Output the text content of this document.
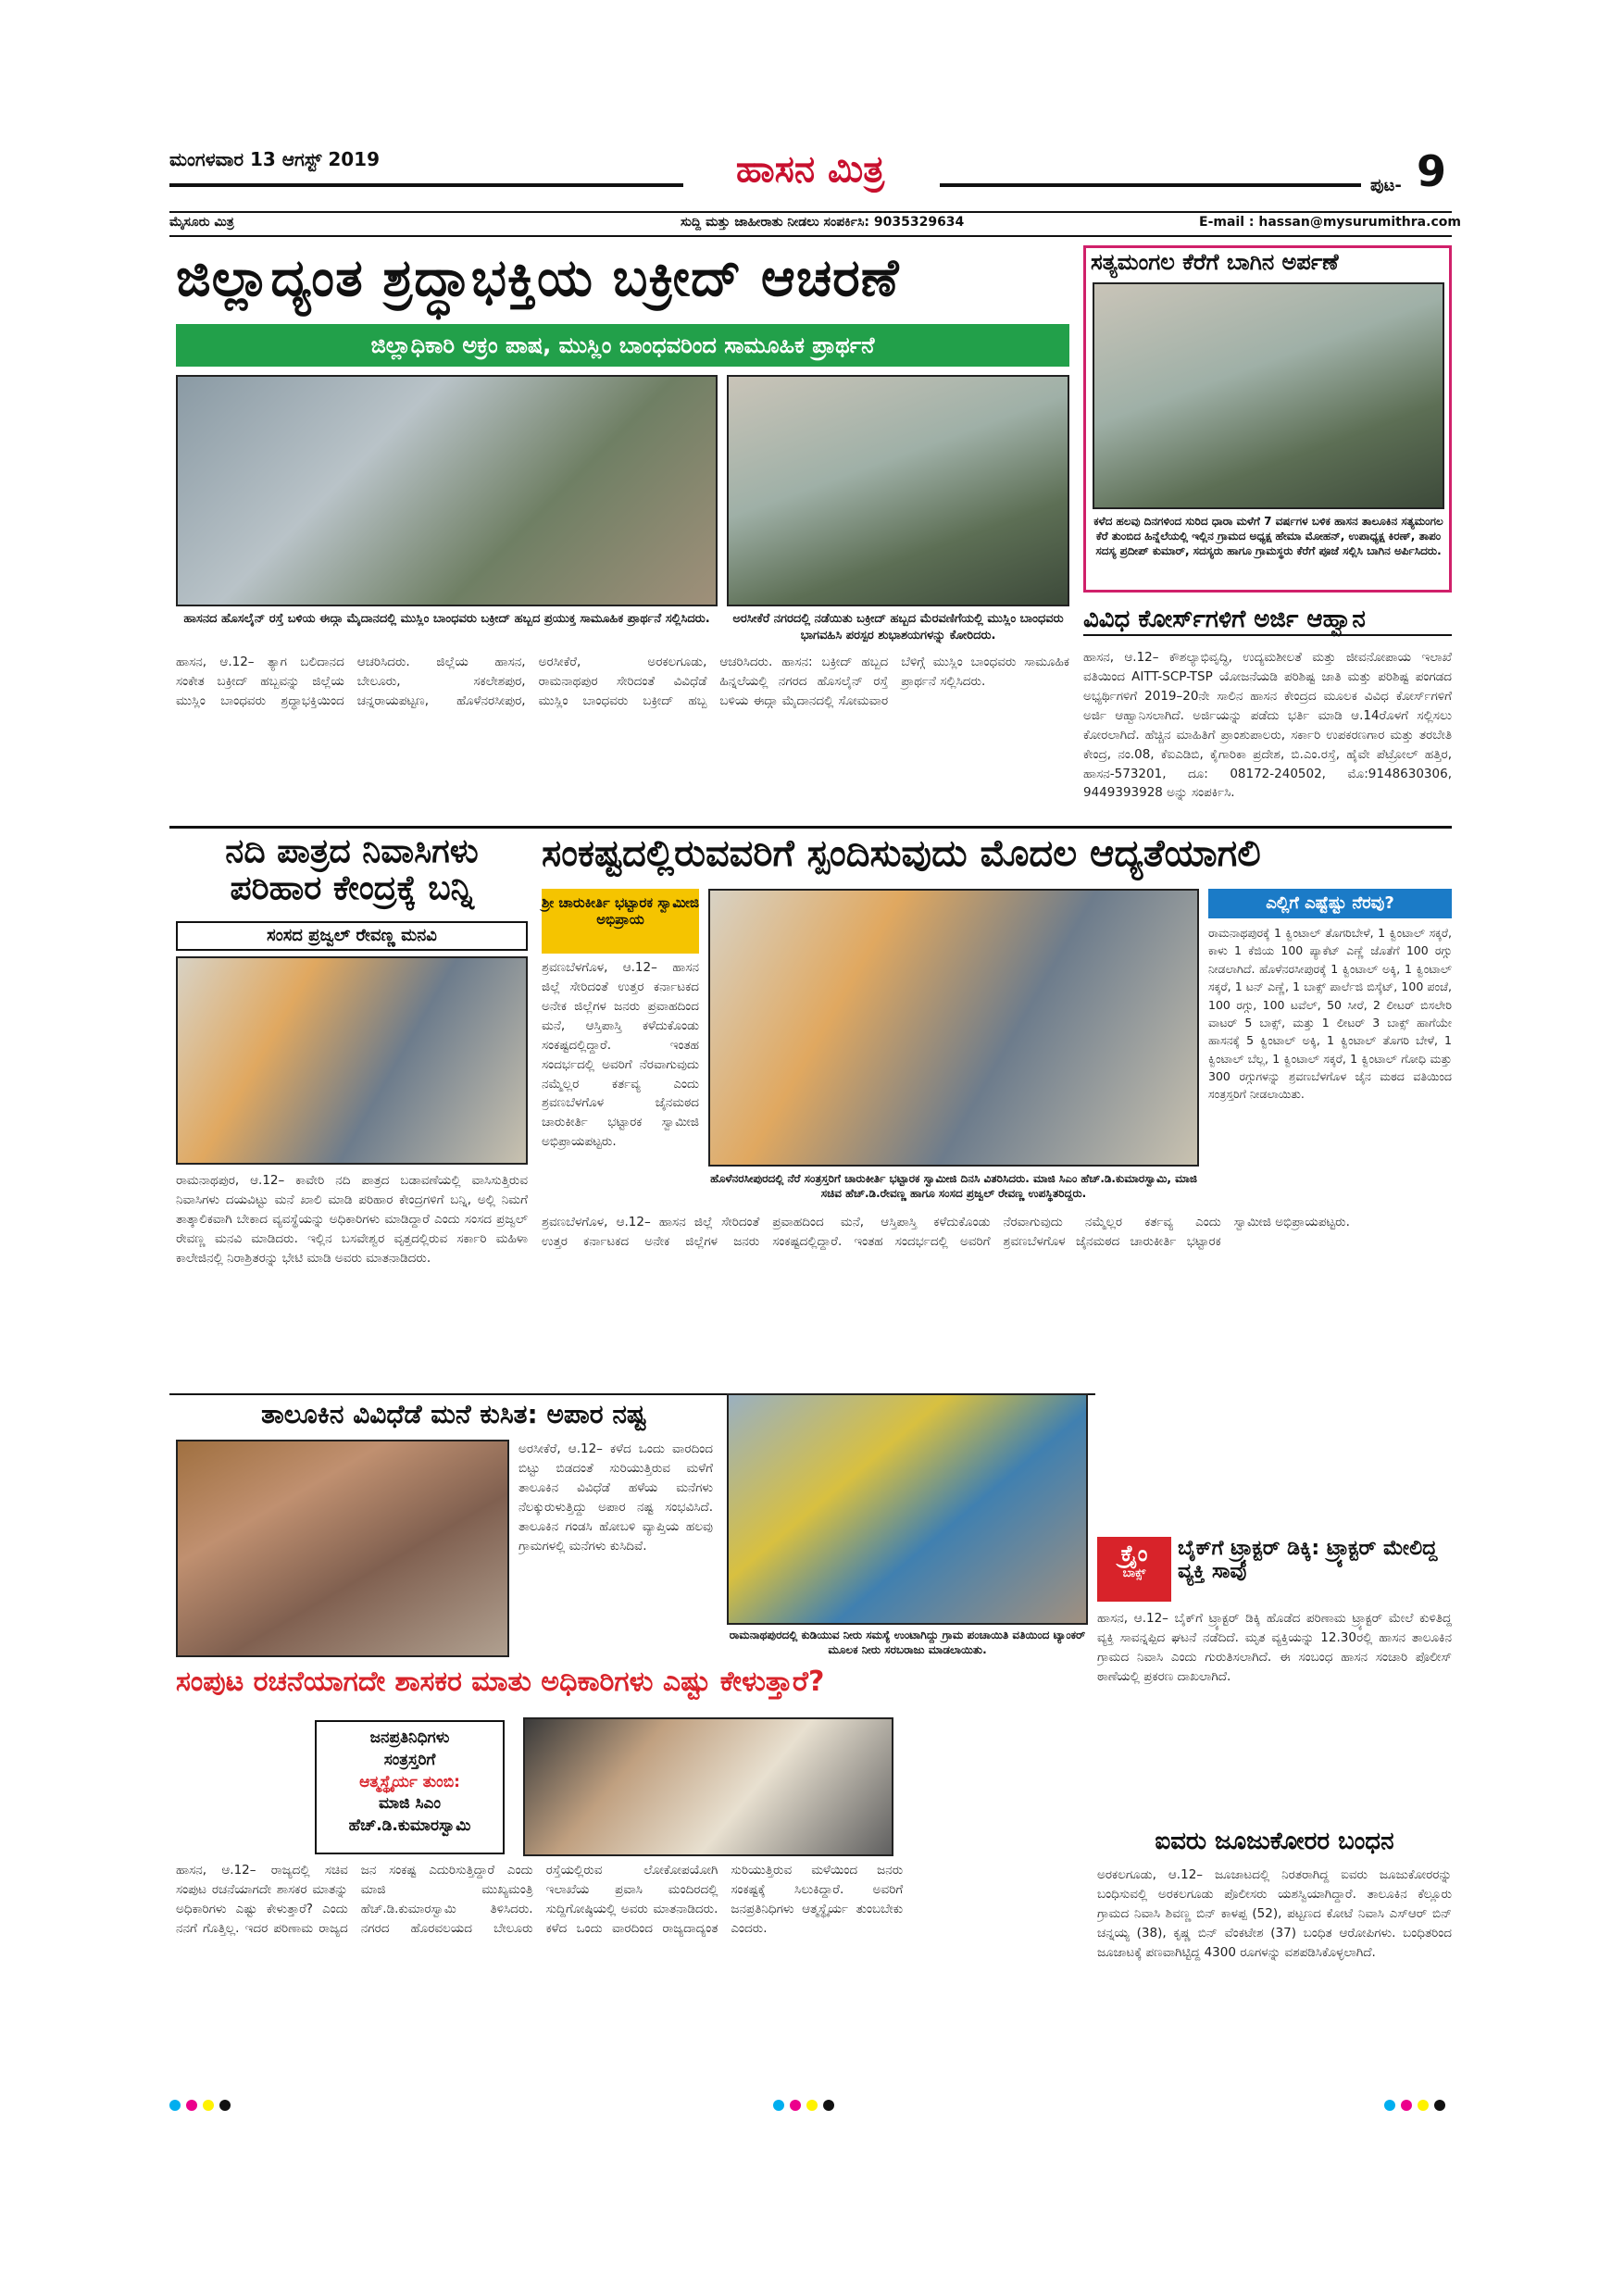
ಮಂಗಳವಾರ 13 ಆಗಸ್ಟ್ 2019	ಹಾಸನ ಮಿತ್ರ	ಪುಟ- 9
ಮೈಸೂರು ಮಿತ್ರ	ಸುದ್ದಿ ಮತ್ತು ಜಾಹೀರಾತು ನೀಡಲು ಸಂಪರ್ಕಿಸಿ: 9035329634	E-mail : hassan@mysurumithra.com
ಜಿಲ್ಲಾದ್ಯಂತ ಶ್ರದ್ಧಾಭಕ್ತಿಯ ಬಕ್ರೀದ್ ಆಚರಣೆ
ಜಿಲ್ಲಾಧಿಕಾರಿ ಅಕ್ರಂ ಪಾಷ, ಮುಸ್ಲಿಂ ಬಾಂಧವರಿಂದ ಸಾಮೂಹಿಕ ಪ್ರಾರ್ಥನೆ
ಹಾಸನದ ಹೊಸಲೈನ್ ರಸ್ತೆ ಬಳಿಯ ಈದ್ಗಾ ಮೈದಾನದಲ್ಲಿ ಮುಸ್ಲಿಂ ಬಾಂಧವರು ಬಕ್ರೀದ್ ಹಬ್ಬದ ಪ್ರಯುಕ್ತ ಸಾಮೂಹಿಕ ಪ್ರಾರ್ಥನೆ ಸಲ್ಲಿಸಿದರು.	ಅರಸೀಕೆರೆ ನಗರದಲ್ಲಿ ನಡೆಯಿತು ಬಕ್ರೀದ್ ಹಬ್ಬದ ಮೆರವಣಿಗೆಯಲ್ಲಿ ಮುಸ್ಲಿಂ ಬಾಂಧವರು ಭಾಗವಹಿಸಿ ಪರಸ್ಪರ ಶುಭಾಶಯಗಳನ್ನು ಕೋರಿದರು.
ಹಾಸನ, ಆ.12– ತ್ಯಾಗ ಬಲಿದಾನದ ಸಂಕೇತ ಬಕ್ರೀದ್ ಹಬ್ಬವನ್ನು ಜಿಲ್ಲೆಯ ಮುಸ್ಲಿಂ ಬಾಂಧವರು ಶ್ರದ್ಧಾಭಕ್ತಿಯಿಂದ ಆಚರಿಸಿದರು. ಜಿಲ್ಲೆಯ ಹಾಸನ, ಬೇಲೂರು, ಸಕಲೇಶಪುರ, ಚನ್ನರಾಯಪಟ್ಟಣ, ಹೊಳೆನರಸೀಪುರ, ಅರಸೀಕೆರೆ, ಅರಕಲಗೂಡು, ರಾಮನಾಥಪುರ ಸೇರಿದಂತೆ ವಿವಿಧೆಡೆ ಮುಸ್ಲಿಂ ಬಾಂಧವರು ಬಕ್ರೀದ್ ಹಬ್ಬ ಆಚರಿಸಿದರು. ಹಾಸನ: ಬಕ್ರೀದ್ ಹಬ್ಬದ ಹಿನ್ನಲೆಯಲ್ಲಿ ನಗರದ ಹೊಸಲೈನ್ ರಸ್ತೆ ಬಳಿಯ ಈದ್ಗಾ ಮೈದಾನದಲ್ಲಿ ಸೋಮವಾರ ಬೆಳಿಗ್ಗೆ ಮುಸ್ಲಿಂ ಬಾಂಧವರು ಸಾಮೂಹಿಕ ಪ್ರಾರ್ಥನೆ ಸಲ್ಲಿಸಿದರು.
ಸತ್ಯಮಂಗಲ ಕೆರೆಗೆ ಬಾಗಿನ ಅರ್ಪಣೆ
ಕಳೆದ ಹಲವು ದಿನಗಳಿಂದ ಸುರಿದ ಧಾರಾ ಮಳೆಗೆ 7 ವರ್ಷಗಳ ಬಳಿಕ ಹಾಸನ ತಾಲೂಕಿನ ಸತ್ಯಮಂಗಲ ಕೆರೆ ತುಂಬಿದ ಹಿನ್ನೆಲೆಯಲ್ಲಿ ಇಲ್ಲಿನ ಗ್ರಾಮದ ಅಧ್ಯಕ್ಷ ಹೇಮಾ ಮೋಹನ್, ಉಪಾಧ್ಯಕ್ಷ ಕಿರಣ್, ತಾಪಂ ಸದಸ್ಯ ಪ್ರದೀಪ್ ಕುಮಾರ್, ಸದಸ್ಯರು ಹಾಗೂ ಗ್ರಾಮಸ್ಥರು ಕೆರೆಗೆ ಪೂಜೆ ಸಲ್ಲಿಸಿ ಬಾಗಿನ ಅರ್ಪಿಸಿದರು.
ವಿವಿಧ ಕೋರ್ಸ್‌ಗಳಿಗೆ ಅರ್ಜಿ ಆಹ್ವಾನ
ಹಾಸನ, ಆ.12– ಕೌಶಲ್ಯಾಭಿವೃದ್ಧಿ, ಉದ್ಯಮಶೀಲತೆ ಮತ್ತು ಜೀವನೋಪಾಯ ಇಲಾಖೆ ವತಿಯಿಂದ AITT-SCP-TSP ಯೋಜನೆಯಡಿ ಪರಿಶಿಷ್ಟ ಜಾತಿ ಮತ್ತು ಪರಿಶಿಷ್ಟ ಪಂಗಡದ ಅಭ್ಯರ್ಥಿಗಳಿಗೆ 2019–20ನೇ ಸಾಲಿನ ಹಾಸನ ಕೇಂದ್ರದ ಮೂಲಕ ವಿವಿಧ ಕೋರ್ಸ್‌ಗಳಿಗೆ ಅರ್ಜಿ ಆಹ್ವಾನಿಸಲಾಗಿದೆ. ಅರ್ಜಿಯನ್ನು ಪಡೆದು ಭರ್ತಿ ಮಾಡಿ ಆ.14ರೊಳಗೆ ಸಲ್ಲಿಸಲು ಕೋರಲಾಗಿದೆ. ಹೆಚ್ಚಿನ ಮಾಹಿತಿಗೆ ಪ್ರಾಂಶುಪಾಲರು, ಸರ್ಕಾರಿ ಉಪಕರಣಗಾರ ಮತ್ತು ತರಬೇತಿ ಕೇಂದ್ರ, ನಂ.08, ಕೆಐಎಡಿಬಿ, ಕೈಗಾರಿಕಾ ಪ್ರದೇಶ, ಬಿ.ಎಂ.ರಸ್ತೆ, ಹೈವೇ ಪೆಟ್ರೋಲ್ ಹತ್ತಿರ, ಹಾಸನ-573201, ದೂ: 08172-240502, ಮೊ:9148630306, 9449393928 ಅನ್ನು ಸಂಪರ್ಕಿಸಿ.
ನದಿ ಪಾತ್ರದ ನಿವಾಸಿಗಳು ಪರಿಹಾರ ಕೇಂದ್ರಕ್ಕೆ ಬನ್ನಿ
ಸಂಸದ ಪ್ರಜ್ವಲ್ ರೇವಣ್ಣ ಮನವಿ
ರಾಮನಾಥಪುರ, ಆ.12– ಕಾವೇರಿ ನದಿ ಪಾತ್ರದ ಬಡಾವಣೆಯಲ್ಲಿ ವಾಸಿಸುತ್ತಿರುವ ನಿವಾಸಿಗಳು ದಯವಿಟ್ಟು ಮನೆ ಖಾಲಿ ಮಾಡಿ ಪರಿಹಾರ ಕೇಂದ್ರಗಳಿಗೆ ಬನ್ನಿ, ಅಲ್ಲಿ ನಿಮಗೆ ತಾತ್ಕಾಲಿಕವಾಗಿ ಬೇಕಾದ ವ್ಯವಸ್ಥೆಯನ್ನು ಅಧಿಕಾರಿಗಳು ಮಾಡಿದ್ದಾರೆ ಎಂದು ಸಂಸದ ಪ್ರಜ್ವಲ್ ರೇವಣ್ಣ ಮನವಿ ಮಾಡಿದರು. ಇಲ್ಲಿನ ಬಸವೇಶ್ವರ ವೃತ್ತದಲ್ಲಿರುವ ಸರ್ಕಾರಿ ಮಹಿಳಾ ಕಾಲೇಜಿನಲ್ಲಿ ನಿರಾಶ್ರಿತರನ್ನು ಭೇಟಿ ಮಾಡಿ ಅವರು ಮಾತನಾಡಿದರು.
ಸಂಕಷ್ಟದಲ್ಲಿರುವವರಿಗೆ ಸ್ಪಂದಿಸುವುದು ಮೊದಲ ಆದ್ಯತೆಯಾಗಲಿ
ಶ್ರೀ ಚಾರುಕೀರ್ತಿ ಭಟ್ಟಾರಕ ಸ್ವಾಮೀಜಿ ಅಭಿಪ್ರಾಯ
ಶ್ರವಣಬೆಳಗೊಳ, ಆ.12– ಹಾಸನ ಜಿಲ್ಲೆ ಸೇರಿದಂತೆ ಉತ್ತರ ಕರ್ನಾಟಕದ ಅನೇಕ ಜಿಲ್ಲೆಗಳ ಜನರು ಪ್ರವಾಹದಿಂದ ಮನೆ, ಆಸ್ತಿಪಾಸ್ತಿ ಕಳೆದುಕೊಂಡು ಸಂಕಷ್ಟದಲ್ಲಿದ್ದಾರೆ. ಇಂತಹ ಸಂದರ್ಭದಲ್ಲಿ ಅವರಿಗೆ ನೆರವಾಗುವುದು ನಮ್ಮೆಲ್ಲರ ಕರ್ತವ್ಯ ಎಂದು ಶ್ರವಣಬೆಳಗೊಳ ಜೈನಮಠದ ಚಾರುಕೀರ್ತಿ ಭಟ್ಟಾರಕ ಸ್ವಾಮೀಜಿ ಅಭಿಪ್ರಾಯಪಟ್ಟರು.
ಹೊಳೆನರಸೀಪುರದಲ್ಲಿ ನೆರೆ ಸಂತ್ರಸ್ತರಿಗೆ ಚಾರುಕೀರ್ತಿ ಭಟ್ಟಾರಕ ಸ್ವಾಮೀಜಿ ದಿನಸಿ ವಿತರಿಸಿದರು. ಮಾಜಿ ಸಿಎಂ ಹೆಚ್.ಡಿ.ಕುಮಾರಸ್ವಾಮಿ, ಮಾಜಿ ಸಚಿವ ಹೆಚ್.ಡಿ.ರೇವಣ್ಣ ಹಾಗೂ ಸಂಸದ ಪ್ರಜ್ವಲ್ ರೇವಣ್ಣ ಉಪಸ್ಥಿತರಿದ್ದರು.
ಎಲ್ಲಿಗೆ ಎಷ್ಟೆಷ್ಟು ನೆರವು?
ರಾಮನಾಥಪುರಕ್ಕೆ 1 ಕ್ವಿಂಟಾಲ್ ತೊಗರಿಬೇಳೆ, 1 ಕ್ವಿಂಟಾಲ್ ಸಕ್ಕರೆ, ಕಾಳು 1 ಕೆಜಿಯ 100 ಪ್ಯಾಕೆಟ್ ಎಣ್ಣೆ ಜೊತೆಗೆ 100 ರಗ್ಗು ನೀಡಲಾಗಿದೆ. ಹೊಳೆನರಸೀಪುರಕ್ಕೆ 1 ಕ್ವಿಂಟಾಲ್ ಅಕ್ಕಿ, 1 ಕ್ವಿಂಟಾಲ್ ಸಕ್ಕರೆ, 1 ಟನ್ ಎಣ್ಣೆ, 1 ಬಾಕ್ಸ್ ಪಾರ್ಲೆಜಿ ಬಿಸ್ಕೆಟ್, 100 ಪಂಚೆ, 100 ರಗ್ಗು, 100 ಟವೆಲ್, 50 ಸೀರೆ, 2 ಲೀಟರ್ ಬಿಸಲೇರಿ ವಾಟರ್ 5 ಬಾಕ್ಸ್, ಮತ್ತು 1 ಲೀಟರ್ 3 ಬಾಕ್ಸ್ ಹಾಗೆಯೇ ಹಾಸನಕ್ಕೆ 5 ಕ್ವಿಂಟಾಲ್ ಅಕ್ಕಿ, 1 ಕ್ವಿಂಟಾಲ್ ತೊಗರಿ ಬೇಳೆ, 1 ಕ್ವಿಂಟಾಲ್ ಬೆಲ್ಲ, 1 ಕ್ವಿಂಟಾಲ್ ಸಕ್ಕರೆ, 1 ಕ್ವಿಂಟಾಲ್ ಗೋಧಿ ಮತ್ತು 300 ರಗ್ಗುಗಳನ್ನು ಶ್ರವಣಬೆಳಗೊಳ ಜೈನ ಮಠದ ವತಿಯಿಂದ ಸಂತ್ರಸ್ತರಿಗೆ ನೀಡಲಾಯಿತು.
ಶ್ರವಣಬೆಳಗೊಳ, ಆ.12– ಹಾಸನ ಜಿಲ್ಲೆ ಸೇರಿದಂತೆ ಉತ್ತರ ಕರ್ನಾಟಕದ ಅನೇಕ ಜಿಲ್ಲೆಗಳ ಜನರು ಪ್ರವಾಹದಿಂದ ಮನೆ, ಆಸ್ತಿಪಾಸ್ತಿ ಕಳೆದುಕೊಂಡು ಸಂಕಷ್ಟದಲ್ಲಿದ್ದಾರೆ. ಇಂತಹ ಸಂದರ್ಭದಲ್ಲಿ ಅವರಿಗೆ ನೆರವಾಗುವುದು ನಮ್ಮೆಲ್ಲರ ಕರ್ತವ್ಯ ಎಂದು ಶ್ರವಣಬೆಳಗೊಳ ಜೈನಮಠದ ಚಾರುಕೀರ್ತಿ ಭಟ್ಟಾರಕ ಸ್ವಾಮೀಜಿ ಅಭಿಪ್ರಾಯಪಟ್ಟರು.
ತಾಲೂಕಿನ ವಿವಿಧೆಡೆ ಮನೆ ಕುಸಿತ: ಅಪಾರ ನಷ್ಟ
ಅರಸೀಕೆರೆ, ಆ.12– ಕಳೆದ ಒಂದು ವಾರದಿಂದ ಬಿಟ್ಟು ಬಿಡದಂತೆ ಸುರಿಯುತ್ತಿರುವ ಮಳೆಗೆ ತಾಲೂಕಿನ ವಿವಿಧೆಡೆ ಹಳೆಯ ಮನೆಗಳು ನೆಲಕ್ಕುರುಳುತ್ತಿದ್ದು ಅಪಾರ ನಷ್ಟ ಸಂಭವಿಸಿದೆ. ತಾಲೂಕಿನ ಗಂಡಸಿ ಹೋಬಳಿ ವ್ಯಾಪ್ತಿಯ ಹಲವು ಗ್ರಾಮಗಳಲ್ಲಿ ಮನೆಗಳು ಕುಸಿದಿವೆ.
ರಾಮನಾಥಪುರದಲ್ಲಿ ಕುಡಿಯುವ ನೀರು ಸಮಸ್ಯೆ ಉಂಟಾಗಿದ್ದು ಗ್ರಾಮ ಪಂಚಾಯಿತಿ ವತಿಯಿಂದ ಟ್ಯಾಂಕರ್ ಮೂಲಕ ನೀರು ಸರಬರಾಜು ಮಾಡಲಾಯಿತು.
ಕ್ರೈಂ
ಬಾಕ್ಸ್
ಬೈಕ್‌ಗೆ ಟ್ರ್ಯಾಕ್ಟರ್ ಡಿಕ್ಕಿ: ಟ್ರ್ಯಾಕ್ಟರ್ ಮೇಲಿದ್ದ ವ್ಯಕ್ತಿ ಸಾವು
ಹಾಸನ, ಆ.12– ಬೈಕ್‌ಗೆ ಟ್ರ್ಯಾಕ್ಟರ್ ಡಿಕ್ಕಿ ಹೊಡೆದ ಪರಿಣಾಮ ಟ್ರ್ಯಾಕ್ಟರ್ ಮೇಲೆ ಕುಳಿತಿದ್ದ ವ್ಯಕ್ತಿ ಸಾವನ್ನಪ್ಪಿದ ಘಟನೆ ನಡೆದಿದೆ. ಮೃತ ವ್ಯಕ್ತಿಯನ್ನು 12.30ರಲ್ಲಿ ಹಾಸನ ತಾಲೂಕಿನ ಗ್ರಾಮದ ನಿವಾಸಿ ಎಂದು ಗುರುತಿಸಲಾಗಿದೆ. ಈ ಸಂಬಂಧ ಹಾಸನ ಸಂಚಾರಿ ಪೊಲೀಸ್ ಠಾಣೆಯಲ್ಲಿ ಪ್ರಕರಣ ದಾಖಲಾಗಿದೆ.
ಐವರು ಜೂಜುಕೋರರ ಬಂಧನ
ಅರಕಲಗೂಡು, ಆ.12– ಜೂಜಾಟದಲ್ಲಿ ನಿರತರಾಗಿದ್ದ ಐವರು ಜೂಜುಕೋರರನ್ನು ಬಂಧಿಸುವಲ್ಲಿ ಅರಕಲಗೂಡು ಪೊಲೀಸರು ಯಶಸ್ವಿಯಾಗಿದ್ದಾರೆ. ತಾಲೂಕಿನ ಕೆಲ್ಲೂರು ಗ್ರಾಮದ ನಿವಾಸಿ ಶಿವಣ್ಣ ಬಿನ್ ಕಾಳಪ್ಪ (52), ಪಟ್ಟಣದ ಕೋಟೆ ನಿವಾಸಿ ಎಸ್‌ಆರ್ ಬಿನ್ ಚನ್ನಯ್ಯ (38), ಕೃಷ್ಣ ಬಿನ್ ವೆಂಕಟೇಶ (37) ಬಂಧಿತ ಆರೋಪಿಗಳು. ಬಂಧಿತರಿಂದ ಜೂಜಾಟಕ್ಕೆ ಪಣವಾಗಿಟ್ಟಿದ್ದ 4300 ರೂಗಳನ್ನು ವಶಪಡಿಸಿಕೊಳ್ಳಲಾಗಿದೆ.
ಸಂಪುಟ ರಚನೆಯಾಗದೇ ಶಾಸಕರ ಮಾತು ಅಧಿಕಾರಿಗಳು ಎಷ್ಟು ಕೇಳುತ್ತಾರೆ?
ಜನಪ್ರತಿನಿಧಿಗಳು
ಸಂತ್ರಸ್ತರಿಗೆ
ಆತ್ಮಸ್ಥೈರ್ಯ ತುಂಬಿ:
ಮಾಜಿ ಸಿಎಂ
ಹೆಚ್.ಡಿ.ಕುಮಾರಸ್ವಾಮಿ
ಹಾಸನ, ಆ.12– ರಾಜ್ಯದಲ್ಲಿ ಸಚಿವ ಸಂಪುಟ ರಚನೆಯಾಗದೇ ಶಾಸಕರ ಮಾತನ್ನು ಅಧಿಕಾರಿಗಳು ಎಷ್ಟು ಕೇಳುತ್ತಾರೆ? ಎಂದು ನನಗೆ ಗೊತ್ತಿಲ್ಲ. ಇದರ ಪರಿಣಾಮ ರಾಜ್ಯದ ಜನ ಸಂಕಷ್ಟ ಎದುರಿಸುತ್ತಿದ್ದಾರೆ ಎಂದು ಮಾಜಿ ಮುಖ್ಯಮಂತ್ರಿ ಹೆಚ್.ಡಿ.ಕುಮಾರಸ್ವಾಮಿ ತಿಳಿಸಿದರು. ನಗರದ ಹೊರವಲಯದ ಬೇಲೂರು ರಸ್ತೆಯಲ್ಲಿರುವ ಲೋಕೋಪಯೋಗಿ ಇಲಾಖೆಯ ಪ್ರವಾಸಿ ಮಂದಿರದಲ್ಲಿ ಸುದ್ದಿಗೋಷ್ಠಿಯಲ್ಲಿ ಅವರು ಮಾತನಾಡಿದರು. ಕಳೆದ ಒಂದು ವಾರದಿಂದ ರಾಜ್ಯದಾದ್ಯಂತ ಸುರಿಯುತ್ತಿರುವ ಮಳೆಯಿಂದ ಜನರು ಸಂಕಷ್ಟಕ್ಕೆ ಸಿಲುಕಿದ್ದಾರೆ. ಅವರಿಗೆ ಜನಪ್ರತಿನಿಧಿಗಳು ಆತ್ಮಸ್ಥೈರ್ಯ ತುಂಬಬೇಕು ಎಂದರು.
